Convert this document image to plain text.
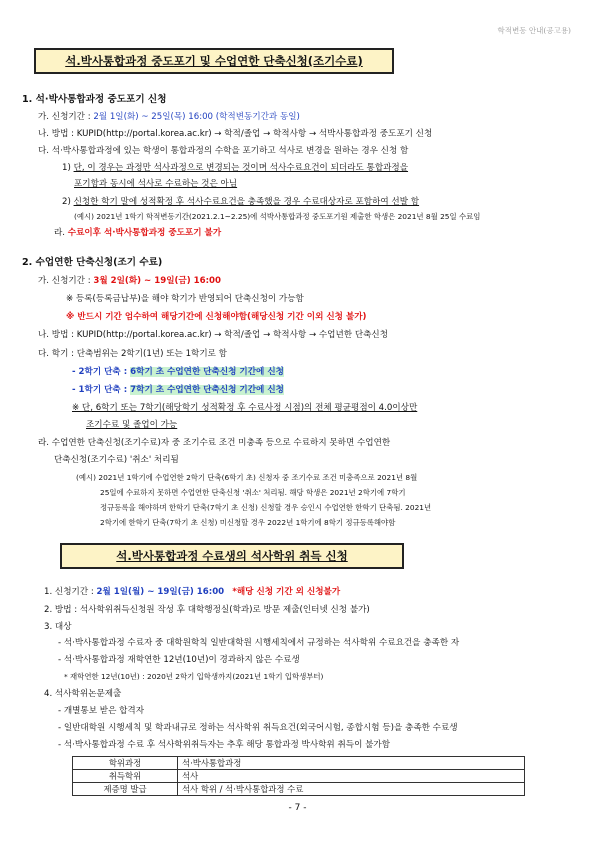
학적변동 안내(공고용)
석.박사통합과정 중도포기 및 수업연한 단축신청(조기수료)
1. 석·박사통합과정 중도포기 신청
가. 신청기간 : 2월 1일(화) ~ 25일(목) 16:00 (학적변동기간과 동일)
나. 방법 : KUPID(http://portal.korea.ac.kr) → 학적/졸업 → 학적사항 → 석박사통합과정 중도포기 신청
다. 석·박사통합과정에 있는 학생이 통합과정의 수학을 포기하고 석사로 변경을 원하는 경우 신청 함
1) 단, 이 경우는 과정만 석사과정으로 변경되는 것이며 석사수료요건이 되더라도 통합과정을
포기함과 동시에 석사로 수료하는 것은 아님
2) 신청한 학기 말에 성적확정 후 석사수료요건을 충족했을 경우 수료대상자로 포함하여 선발 함
(예시) 2021년 1학기 학적변동기간(2021.2.1~2.25)에 석박사통합과정 중도포기원 제출한 학생은 2021년 8월 25일 수료임
라. 수료이후 석·박사통합과정 중도포기 불가
2. 수업연한 단축신청(조기 수료)
가. 신청기간 : 3월 2일(화) ~ 19일(금) 16:00
※ 등록(등록금납부)을 해야 학기가 반영되어 단축신청이 가능함
※ 반드시 기간 엄수하여 해당기간에 신청해야함(해당신청 기간 이외 신청 불가)
나. 방법 : KUPID(http://portal.korea.ac.kr) → 학적/졸업 → 학적사항 → 수업년한 단축신청
다. 학기 : 단축범위는 2학기(1년) 또는 1학기로 함
- 2학기 단축 : 6학기 초 수업연한 단축신청 기간에 신청
- 1학기 단축 : 7학기 초 수업연한 단축신청 기간에 신청
※ 단, 6학기 또는 7학기(해당학기 성적확정 후 수료사정 시점)의 전체 평균평점이 4.0이상만
조기수료 및 졸업이 가능
라. 수업연한 단축신청(조기수료)자 중 조기수료 조건 미충족 등으로 수료하지 못하면 수업연한
단축신청(조기수료) '취소' 처리됨
(예시) 2021년 1학기에 수업연한 2학기 단축(6학기 초) 신청자 중 조기수료 조건 미충족으로 2021년 8월
25일에 수료하지 못하면 수업연한 단축신청 '취소' 처리됨. 해당 학생은 2021년 2학기에 7학기
정규등록을 해야하며 한학기 단축(7학기 초 신청) 신청할 경우 승인시 수업연한 한학기 단축됨. 2021년
2학기에 한학기 단축(7학기 초 신청) 미신청할 경우 2022년 1학기에 8학기 정규등록해야함
석.박사통합과정 수료생의 석사학위 취득 신청
1. 신청기간 : 2월 1일(월) ~ 19일(금) 16:00 *해당 신청 기간 외 신청불가
2. 방법 : 석사학위취득신청원 작성 후 대학행정실(학과)로 방문 제출(인터넷 신청 불가)
3. 대상
- 석·박사통합과정 수료자 중 대학원학칙 일반대학원 시행세칙에서 규정하는 석사학위 수료요건을 충족한 자
- 석·박사통합과정 재학연한 12년(10년)이 경과하지 않은 수료생
* 재학연한 12년(10년) : 2020년 2학기 입학생까지(2021년 1학기 입학생부터)
4. 석사학위논문제출
- 개별통보 받은 합격자
- 일반대학원 시행세칙 및 학과내규로 정하는 석사학위 취득요건(외국어시험, 종합시험 등)을 충족한 수료생
- 석·박사통합과정 수료 후 석사학위취득자는 추후 해당 통합과정 박사학위 취득이 불가함
학위과정	석·박사통합과정
취득학위	석사
제증명 발급	석사 학위 / 석·박사통합과정 수료
- 7 -
